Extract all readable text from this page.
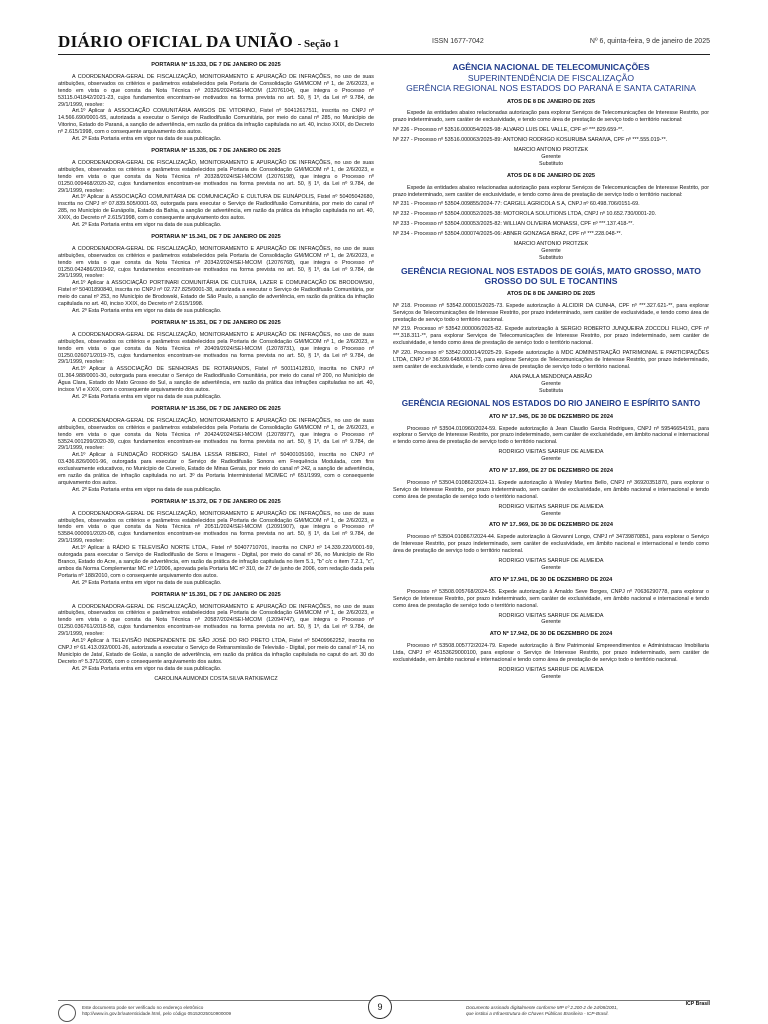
DIÁRIO OFICIAL DA UNIÃO - Seção 1	ISSN 1677-7042	Nº 6, quinta-feira, 9 de janeiro de 2025
PORTARIA Nº 15.333, DE 7 DE JANEIRO DE 2025

A COORDENADORA-GERAL DE FISCALIZAÇÃO, MONITORAMENTO E APURAÇÃO DE INFRAÇÕES, no uso de suas atribuições, observados os critérios e parâmetros estabelecidos pela Portaria de Consolidação GM/MCOM nº 1, de 2/6/2023, e tendo em vista o que consta da Nota Técnica nº 20326/2024/SEI-MCOM (12076104), que integra o Processo nº 53115.041842/2021-23, cujos fundamentos encontram-se motivados na forma prevista no art. 50, § 1º, da Lei nº 9.784, de 29/1/1999, resolve:

Art.1º Aplicar à ASSOCIAÇÃO COMUNITÁRIA AMIGOS DE VITORINO, Fistel nº 50412617511, inscrita no CNPJ nº 14.566.690/0001-55, autorizada a executar o Serviço de Radiodifusão Comunitária, por meio do canal nº 285, no Município de Vitorino, Estado do Paraná, a sanção de advertência, em razão da prática da infração capitulada no art. 40, inciso XXIX, do Decreto nº 2.615/1998, com o consequente arquivamento dos autos.

Art. 2º Esta Portaria entra em vigor na data de sua publicação.

PORTARIA Nº 15.335, DE 7 DE JANEIRO DE 2025

A COORDENADORA-GERAL DE FISCALIZAÇÃO, MONITORAMENTO E APURAÇÃO DE INFRAÇÕES, no uso de suas atribuições, observados os critérios e parâmetros estabelecidos pela Portaria de Consolidação GM/MCOM nº 1, de 2/6/2023, e tendo em vista o que consta da Nota Técnica nº 20328/2024/SEI-MCOM (12076198), que integra o Processo nº 01250.009468/2020-32, cujos fundamentos encontram-se motivados na forma prevista no art. 50, § 1º, da Lei nº 9.784, de 29/1/1999, resolve:

Art.1º Aplicar à ASSOCIAÇÃO COMUNITÁRIA DE COMUNICAÇÃO E CULTURA DE EUNÁPOLIS, Fistel nº 50405042680, inscrita no CNPJ nº 07.839.505/0001-93, outorgada para executar o Serviço de Radiodifusão Comunitária, por meio do canal nº 285, no Município de Eunápolis, Estado da Bahia, a sanção de advertência, em razão da prática da infração capitulada no art. 40, XXIX, do Decreto nº 2.615/1998, com o consequente arquivamento dos autos.

Art. 2º Esta Portaria entra em vigor na data de sua publicação.

PORTARIA Nº 15.341, DE 7 DE JANEIRO DE 2025

A COORDENADORA-GERAL DE FISCALIZAÇÃO, MONITORAMENTO E APURAÇÃO DE INFRAÇÕES, no uso de suas atribuições, observados os critérios e parâmetros estabelecidos pela Portaria de Consolidação GM/MCOM nº 1, de 2/6/2023, e tendo em vista o que consta da Nota Técnica nº 20342/2024/SEI-MCOM (12076768), que integra o Processo nº 01250.042486/2019-92, cujos fundamentos encontram-se motivados na forma prevista no art. 50, § 1º, da Lei nº 9.784, de 29/1/1999, resolve:

Art.1º Aplicar à ASSOCIAÇÃO PORTINARI COMUNITÁRIA DE CULTURA, LAZER E COMUNICAÇÃO DE BRODOWSKI, Fistel nº 50401890840, inscrita no CNPJ nº 02.727.825/0001-38, autorizada a executar o Serviço de Radiodifusão Comunitária, por meio do canal nº 253, no Município de Brodowski, Estado de São Paulo, a sanção de advertência, em razão da prática da infração capitulada no art. 40, inciso XXIX, do Decreto nº 2.615/1998.

Art. 2º Esta Portaria entra em vigor na data de sua publicação.

PORTARIA Nº 15.351, DE 7 DE JANEIRO DE 2025

A COORDENADORA-GERAL DE FISCALIZAÇÃO, MONITORAMENTO E APURAÇÃO DE INFRAÇÕES, no uso de suas atribuições, observados os critérios e parâmetros estabelecidos pela Portaria de Consolidação GM/MCOM nº 1, de 2/6/2023, e tendo em vista o que consta da Nota Técnica nº 20409/2024/SEI-MCOM (12078731), que integra o Processo nº 01250.026071/2019-75, cujos fundamentos encontram-se motivados na forma prevista no art. 50, § 1º, da Lei nº 9.784, de 29/1/1999, resolve:

Art.1º Aplicar à ASSOCIAÇÃO DE SENHORAS DE ROTARIANOS, Fistel nº 50011412810, inscrita no CNPJ nº 01.364.988/0001-30, outorgada para executar o Serviço de Radiodifusão Comunitária, por meio do canal nº 200, no Município de Água Clara, Estado do Mato Grosso do Sul, a sanção de advertência, em razão da prática das infrações capituladas no art. 40, incisos VI e XXIX, com o consequente arquivamento dos autos.

Art. 2º Esta Portaria entra em vigor na data de sua publicação.

PORTARIA Nº 15.356, DE 7 DE JANEIRO DE 2025

A COORDENADORA-GERAL DE FISCALIZAÇÃO, MONITORAMENTO E APURAÇÃO DE INFRAÇÕES, no uso de suas atribuições, observados os critérios e parâmetros estabelecidos pela Portaria de Consolidação GM/MCOM nº 1, de 2/6/2023, e tendo em vista o que consta da Nota Técnica nº 20424/2024/SEI-MCOM (12078977), que integra o Processo nº 53524.001299/2020-39, cujos fundamentos encontram-se motivados na forma prevista no art. 50, § 1º, da Lei nº 9.784, de 29/1/1999, resolve:

Art.1º Aplicar à FUNDAÇÃO RODRIGO SALIBA LESSA RIBEIRO, Fistel nº 50400105160, inscrita no CNPJ nº 03.436.826/0001-96, outorgada para executar o Serviço de Radiodifusão Sonora em Frequência Modulada, com fins exclusivamente educativos, no Município de Curvelo, Estado de Minas Gerais, por meio do canal nº 242, a sanção de advertência, em razão da prática de infração capitulada no art. 3º da Portaria Interministerial MC/MEC nº 651/1999, com o consequente arquivamento dos autos.

Art. 2º Esta Portaria entra em vigor na data de sua publicação.

PORTARIA Nº 15.372, DE 7 DE JANEIRO DE 2025

A COORDENADORA-GERAL DE FISCALIZAÇÃO, MONITORAMENTO E APURAÇÃO DE INFRAÇÕES, no uso de suas atribuições, observados os critérios e parâmetros estabelecidos pela Portaria de Consolidação GM/MCOM nº 1, de 2/6/2023, e tendo em vista o que consta da Nota Técnica nº 20511/2024/SEI-MCOM (12091907), que integra o Processo nº 53584.000091/2020-08, cujos fundamentos encontram-se motivados na forma prevista no art. 50, § 1º, da Lei nº 9.784, de 29/1/1999, resolve:

Art.1º Aplicar à RÁDIO E TELEVISÃO NORTE LTDA., Fistel nº 50407710701, inscrita no CNPJ nº 14.339.220/0001-59, outorgada para executar o Serviço de Radiodifusão de Sons e Imagens - Digital, por meio do canal nº 36, no Município de Rio Branco, Estado do Acre, a sanção de advertência, em razão da prática de infração capitulada no item 5.1, "b" c/c o item 7.2.1, "c", ambos da Norma Complementar MC nº 1/2006, aprovada pela Portaria MC nº 310, de 27 de junho de 2006, com redação dada pela Portaria nº 188/2010, com o consequente arquivamento dos autos.

Art. 2º Esta Portaria entra em vigor na data de sua publicação.

PORTARIA Nº 15.391, DE 7 DE JANEIRO DE 2025

A COORDENADORA-GERAL DE FISCALIZAÇÃO, MONITORAMENTO E APURAÇÃO DE INFRAÇÕES, no uso de suas atribuições, observados os critérios e parâmetros estabelecidos pela Portaria de Consolidação GM/MCOM nº 1, de 2/6/2023, e tendo em vista o que consta da Nota Técnica nº 20587/2024/SEI-MCOM (12094747), que integra o Processo nº 01250.036761/2018-58, cujos fundamentos encontram-se motivados na forma prevista no art. 50, § 1º, da Lei nº 9.784, de 29/1/1999, resolve:

Art.1º Aplicar à TELEVISÃO INDEPENDENTE DE SÃO JOSÉ DO RIO PRETO LTDA, Fistel nº 50409962252, inscrita no CNPJ nº 61.413.092/0001-26, autorizada a executar o Serviço de Retransmissão de Televisão - Digital, por meio do canal nº 14, no Município de Jataí, Estado de Goiás, a sanção de advertência, em razão da prática da infração capitulada no caput do art. 30 do Decreto nº 5.371/2005, com o consequente arquivamento dos autos.

Art. 2º Esta Portaria entra em vigor na data de sua publicação.

CAROLINA AUMONDI COSTA SILVA RATKIEWICZ
AGÊNCIA NACIONAL DE TELECOMUNICAÇÕES
SUPERINTENDÊNCIA DE FISCALIZAÇÃO
GERÊNCIA REGIONAL NOS ESTADOS DO PARANÁ E SANTA CATARINA
ATOS DE 8 DE JANEIRO DE 2025

Expede às entidades abaixo relacionadas autorização para explorar Serviços de Telecomunicações de Interesse Restrito, por prazo indeterminado, sem caráter de exclusividade, e tendo como área de prestação de serviço todo o território nacional:

Nº 226 - Processo nº 53516.000054/2025-98: ALVARO LUIS DEL VALLE, CPF nº ***.829.659-**.

Nº 227 - Processo nº 53516.000063/2025-89: ANTONIO RODRIGO KOSURUBA SARAIVA, CPF nº ***.555.019-**.

MARCIO ANTONIO PROTZEK
Gerente
Substituto
ATOS DE 8 DE JANEIRO DE 2025

Expede às entidades abaixo relacionadas autorização para explorar Serviços de Telecomunicações de Interesse Restrito, por prazo indeterminado, sem caráter de exclusividade, e tendo como área de prestação de serviço todo o território nacional:

Nº 231 - Processo nº 53504.009855/2024-77: CARGILL AGRICOLA S A, CNPJ nº 60.498.706/0151-69.

Nº 232 - Processo nº 53504.000052/2025-38: MOTOROLA SOLUTIONS LTDA, CNPJ nº 10.652.730/0001-20.

Nº 233 - Processo nº 53504.000053/2025-82: WILLIAN OLIVEIRA MONASSI, CPF nº ***.137.418-**.

Nº 234 - Processo nº 53504.000074/2025-06: ABNER GONZAGA BRAZ, CPF nº ***.228.048-**.

MARCIO ANTONIO PROTZEK
Gerente
Substituto
GERÊNCIA REGIONAL NOS ESTADOS DE GOIÁS, MATO GROSSO, MATO GROSSO DO SUL E TOCANTINS
ATOS DE 8 DE JANEIRO DE 2025

Nº 218. Processo nº 53542.000015/2025-73. Expede autorização à ALCIDIR DA CUNHA, CPF nº ***.327.621-**, para explorar Serviços de Telecomunicações de Interesse Restrito, por prazo indeterminado, sem caráter de exclusividade, e tendo como área de prestação de serviço todo o território nacional.

Nº 219. Processo nº 53542.000006/2025-82. Expede autorização à SERGIO ROBERTO JUNQUEIRA ZOCCOLI FILHO, CPF nº ***.318.311-**, para explorar Serviços de Telecomunicações de Interesse Restrito, por prazo indeterminado, sem caráter de exclusividade, e tendo como área de prestação de serviço todo o território nacional.

Nº 220. Processo nº 53542.000014/2025-29. Expede autorização à MDC ADMINISTRAÇÃO PATRIMONIAL E PARTICIPAÇÕES LTDA, CNPJ nº 36.599.648/0001-73, para explorar Serviços de Telecomunicações de Interesse Restrito, por prazo indeterminado, sem caráter de exclusividade, e tendo como área de prestação de serviço todo o território nacional.

ANA PAULA MENDONÇA ABRÃO
Gerente
Substituta
GERÊNCIA REGIONAL NOS ESTADOS DO RIO JANEIRO E ESPÍRITO SANTO
ATO Nº 17..945, DE 30 DE DEZEMBRO DE 2024

Processo nº 53504.010960/2024-59. Expede autorização à Jean Claudio Garcia Rodrigues, CNPJ nº 59546654191, para explorar o Serviço de Interesse Restrito, por prazo indeterminado, sem caráter de exclusividade, em âmbito nacional e internacional e tendo como área de prestação de serviço todo o território nacional.

RODRIGO VIEITAS SARRUF DE ALMEIDA
Gerente
ATO Nº 17..899, DE 27 DE DEZEMBRO DE 2024

Processo nº 53504.010862/2024-11. Expede autorização à Wesley Martins Bello, CNPJ nº 36920351870, para explorar o Serviço de Interesse Restrito, por prazo indeterminado, sem caráter de exclusividade, em âmbito nacional e internacional e tendo como área de prestação de serviço todo o território nacional.

RODRIGO VIEITAS SARRUF DE ALMEIDA
Gerente
ATO Nº 17..969, DE 30 DE DEZEMBRO DE 2024

Processo nº 53504.010867/2024-44. Expede autorização à Giovanni Longo, CNPJ nº 34739870851, para explorar o Serviço de Interesse Restrito, por prazo indeterminado, sem caráter de exclusividade, em âmbito nacional e internacional e tendo como área de prestação de serviço todo o território nacional.

RODRIGO VIEITAS SARRUF DE ALMEIDA
Gerente
ATO Nº 17.941, DE 30 DE DEZEMBRO DE 2024

Processo nº 53508.005768/2024-55. Expede autorização à Arnaldo Seve Borges, CNPJ nº 70636290778, para explorar o Serviço de Interesse Restrito, por prazo indeterminado, sem caráter de exclusividade, em âmbito nacional e internacional e tendo como área de prestação de serviço todo o território nacional.

RODRIGO VIEITAS SARRUF DE ALMEIDA
Gerente
ATO Nº 17.942, DE 30 DE DEZEMBRO DE 2024

Processo nº 53508.005772/2024-79. Expede autorização à Brw Patrimonial Empreendimentos e Administracao Imobiliaria Ltda, CNPJ nº 45153629000100, para explorar o Serviço de Interesse Restrito, por prazo indeterminado, sem caráter de exclusividade, em âmbito nacional e internacional e tendo como área de prestação de serviço todo o território nacional.

RODRIGO VIEITAS SARRUF DE ALMEIDA
Gerente
Este documento pode ser verificado no endereço eletrônico
http://www.in.gov.br/autenticidade.html, pelo código 05152025010900009
9	Documento assinado digitalmente conforme MP nº 2.200-2 de 24/08/2001,
que institui a Infraestrutura de Chaves Públicas Brasileira - ICP-Brasil.
ICP Brasil
